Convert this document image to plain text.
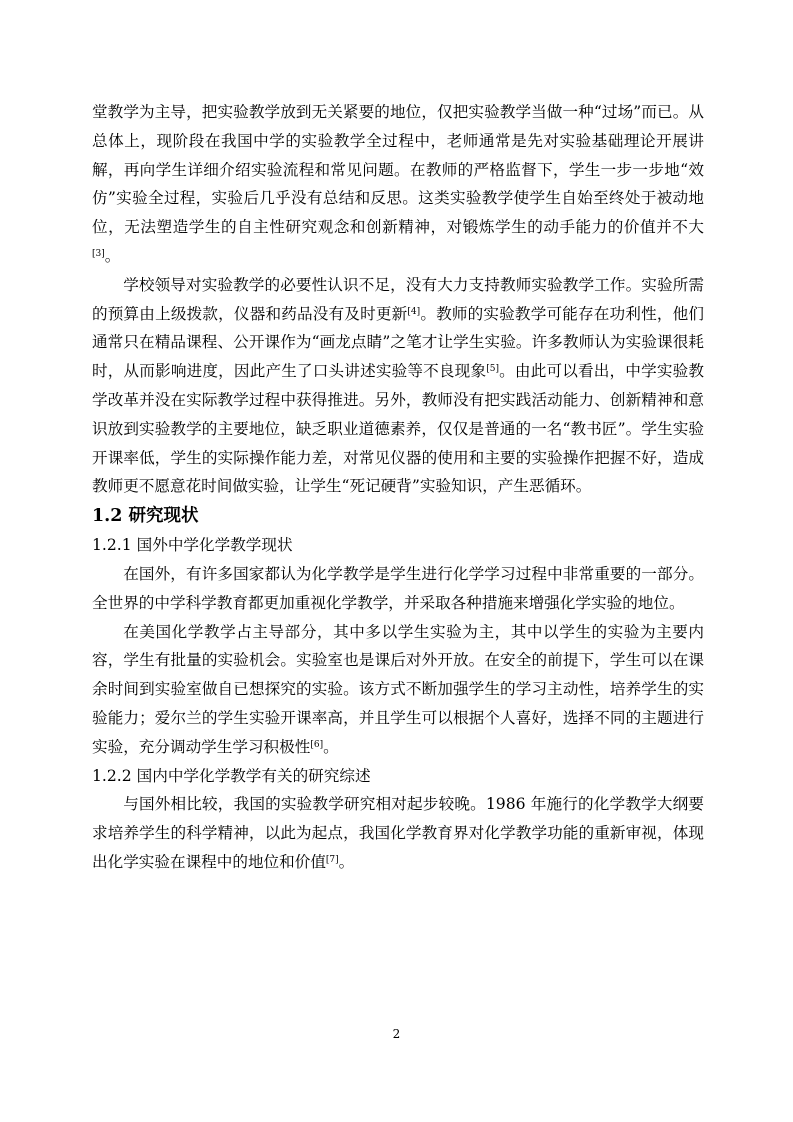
堂教学为主导，把实验教学放到无关紧要的地位，仅把实验教学当做一种“过场”而已。从总体上，现阶段在我国中学的实验教学全过程中，老师通常是先对实验基础理论开展讲解，再向学生详细介绍实验流程和常见问题。在教师的严格监督下，学生一步一步地“效仿”实验全过程，实验后几乎没有总结和反思。这类实验教学使学生自始至终处于被动地位，无法塑造学生的自主性研究观念和创新精神，对锻炼学生的动手能力的价值并不大[3]。

学校领导对实验教学的必要性认识不足，没有大力支持教师实验教学工作。实验所需的预算由上级拨款，仪器和药品没有及时更新[4]。教师的实验教学可能存在功利性，他们通常只在精品课程、公开课作为“画龙点睛”之笔才让学生实验。许多教师认为实验课很耗时，从而影响进度，因此产生了口头讲述实验等不良现象[5]。由此可以看出，中学实验教学改革并没在实际教学过程中获得推进。另外，教师没有把实践活动能力、创新精神和意识放到实验教学的主要地位，缺乏职业道德素养，仅仅是普通的一名“教书匠”。学生实验开课率低，学生的实际操作能力差，对常见仪器的使用和主要的实验操作把握不好，造成教师更不愿意花时间做实验，让学生“死记硬背”实验知识，产生恶循环。

1.2 研究现状
1.2.1 国外中学化学教学现状

在国外，有许多国家都认为化学教学是学生进行化学学习过程中非常重要的一部分。全世界的中学科学教育都更加重视化学教学，并采取各种措施来增强化学实验的地位。

在美国化学教学占主导部分，其中多以学生实验为主，其中以学生的实验为主要内容，学生有批量的实验机会。实验室也是课后对外开放。在安全的前提下，学生可以在课余时间到实验室做自已想探究的实验。该方式不断加强学生的学习主动性，培养学生的实验能力；爱尔兰的学生实验开课率高，并且学生可以根据个人喜好，选择不同的主题进行实验，充分调动学生学习积极性[6]。

1.2.2 国内中学化学教学有关的研究综述

与国外相比较，我国的实验教学研究相对起步较晚。1986 年施行的化学教学大纲要求培养学生的科学精神，以此为起点，我国化学教育界对化学教学功能的重新审视，体现出化学实验在课程中的地位和价值[7]。

2
